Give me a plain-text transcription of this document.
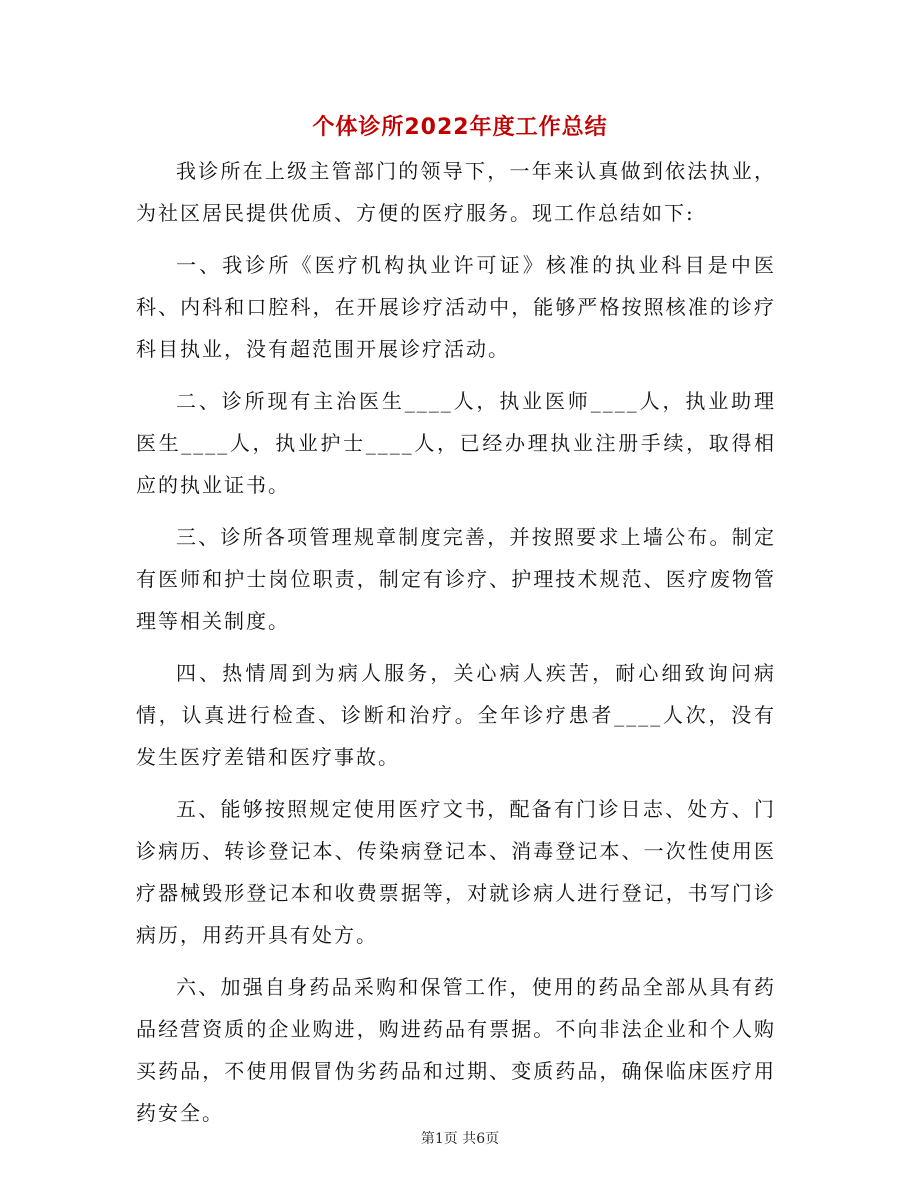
个体诊所2022年度工作总结

我诊所在上级主管部门的领导下，一年来认真做到依法执业，为社区居民提供优质、方便的医疗服务。现工作总结如下:

一、我诊所《医疗机构执业许可证》核准的执业科目是中医科、内科和口腔科，在开展诊疗活动中，能够严格按照核准的诊疗科目执业，没有超范围开展诊疗活动。

二、诊所现有主治医生____人，执业医师____人，执业助理医生____人，执业护士____人，已经办理执业注册手续，取得相应的执业证书。

三、诊所各项管理规章制度完善，并按照要求上墙公布。制定有医师和护士岗位职责，制定有诊疗、护理技术规范、医疗废物管理等相关制度。

四、热情周到为病人服务，关心病人疾苦，耐心细致询问病情，认真进行检查、诊断和治疗。全年诊疗患者____人次，没有发生医疗差错和医疗事故。

五、能够按照规定使用医疗文书，配备有门诊日志、处方、门诊病历、转诊登记本、传染病登记本、消毒登记本、一次性使用医疗器械毁形登记本和收费票据等，对就诊病人进行登记，书写门诊病历，用药开具有处方。

六、加强自身药品采购和保管工作，使用的药品全部从具有药品经营资质的企业购进，购进药品有票据。不向非法企业和个人购买药品，不使用假冒伪劣药品和过期、变质药品，确保临床医疗用药安全。

第1页 共6页
